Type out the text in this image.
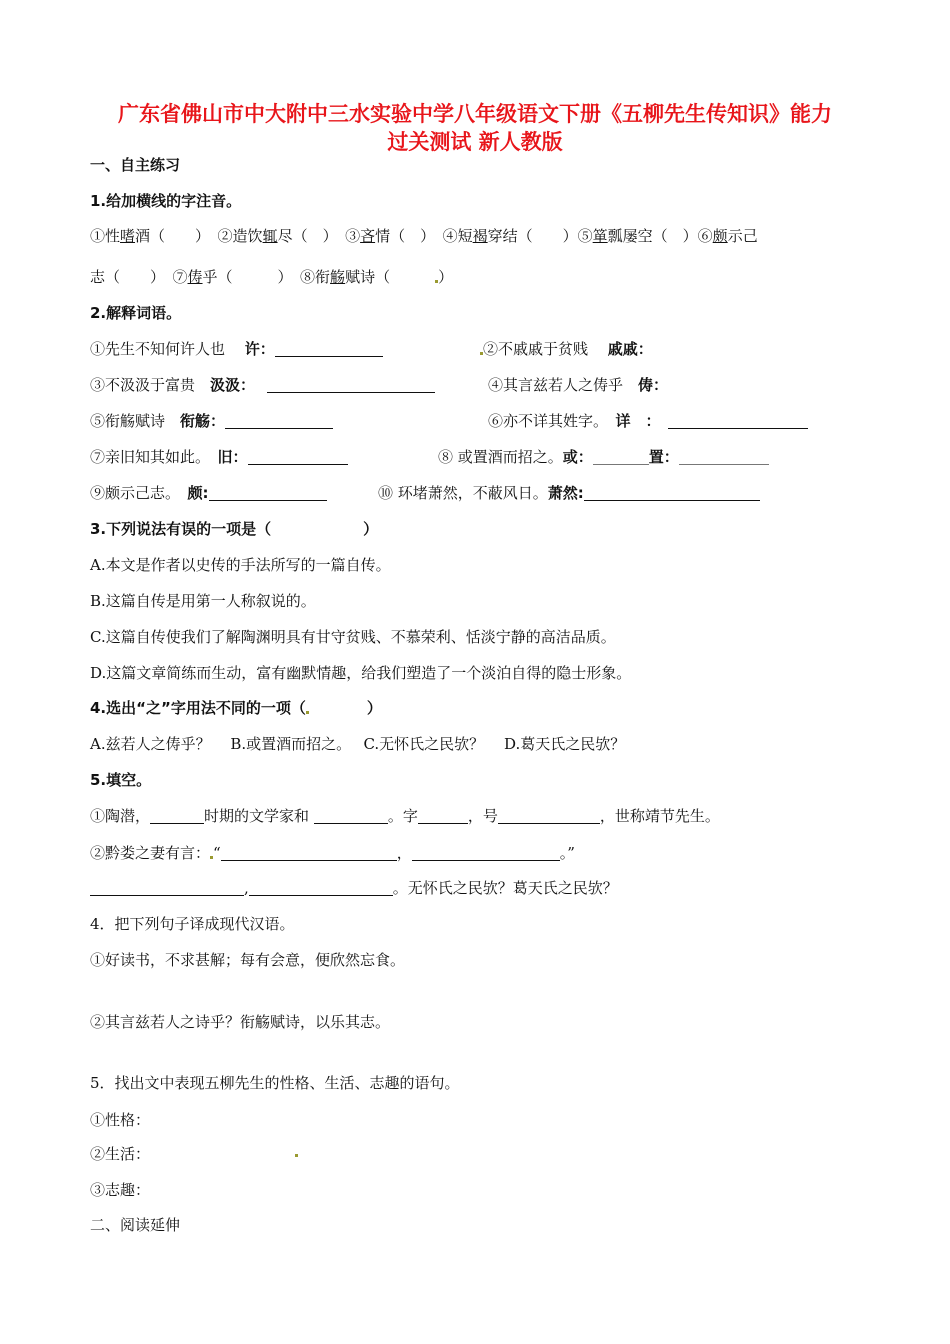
广东省佛山市中大附中三水实验中学八年级语文下册《五柳先生传知识》能力
过关测试 新人教版
一、自主练习
1.给加横线的字注音。
①性嗜酒（　　）　②造饮辄尽（　）　③吝情（　）　④短褐穿结（　　）⑤箪瓢屡空（　）⑥颇示己
志（　　）　⑦俦乎（　　　）　⑧衔觞赋诗（　　　）
2.解释词语。
①先生不知何许人也　 许：	②不戚戚于贫贱　 戚戚：
③不汲汲于富贵　 汲汲：　	④其言兹若人之俦乎　 俦：
⑤衔觞赋诗　 衔觞：	⑥亦不详其姓字。　 详　：　
⑦亲旧知其如此。　 旧：	⑧ 或置酒而招之。或：	置：
⑨颇示己志。　 颇:	⑩ 环堵萧然，不蔽风日。萧然:
3.下列说法有误的一项是（	）
A.本文是作者以史传的手法所写的一篇自传。
B.这篇自传是用第一人称叙说的。
C.这篇自传使我们了解陶渊明具有甘守贫贱、不慕荣利、恬淡宁静的高洁品质。
D.这篇文章简练而生动，富有幽默情趣，给我们塑造了一个淡泊自得的隐士形象。
4.选出“之”字用法不同的一项（	）
A.兹若人之俦乎？　 B.或置酒而招之。　 C.无怀氏之民欤？　 D.葛天氏之民欤？
5.填空。
①陶潜，	时期的文学家和	。字	，号	，世称靖节先生。
②黔娄之妻有言： “	，	。”
,	。无怀氏之民欤？葛天氏之民欤？
4．把下列句子译成现代汉语。
①好读书，不求甚解；每有会意，便欣然忘食。
②其言兹若人之诗乎？衔觞赋诗，以乐其志。
5．找出文中表现五柳先生的性格、生活、志趣的语句。
①性格：
②生活：
③志趣：
二、阅读延伸
